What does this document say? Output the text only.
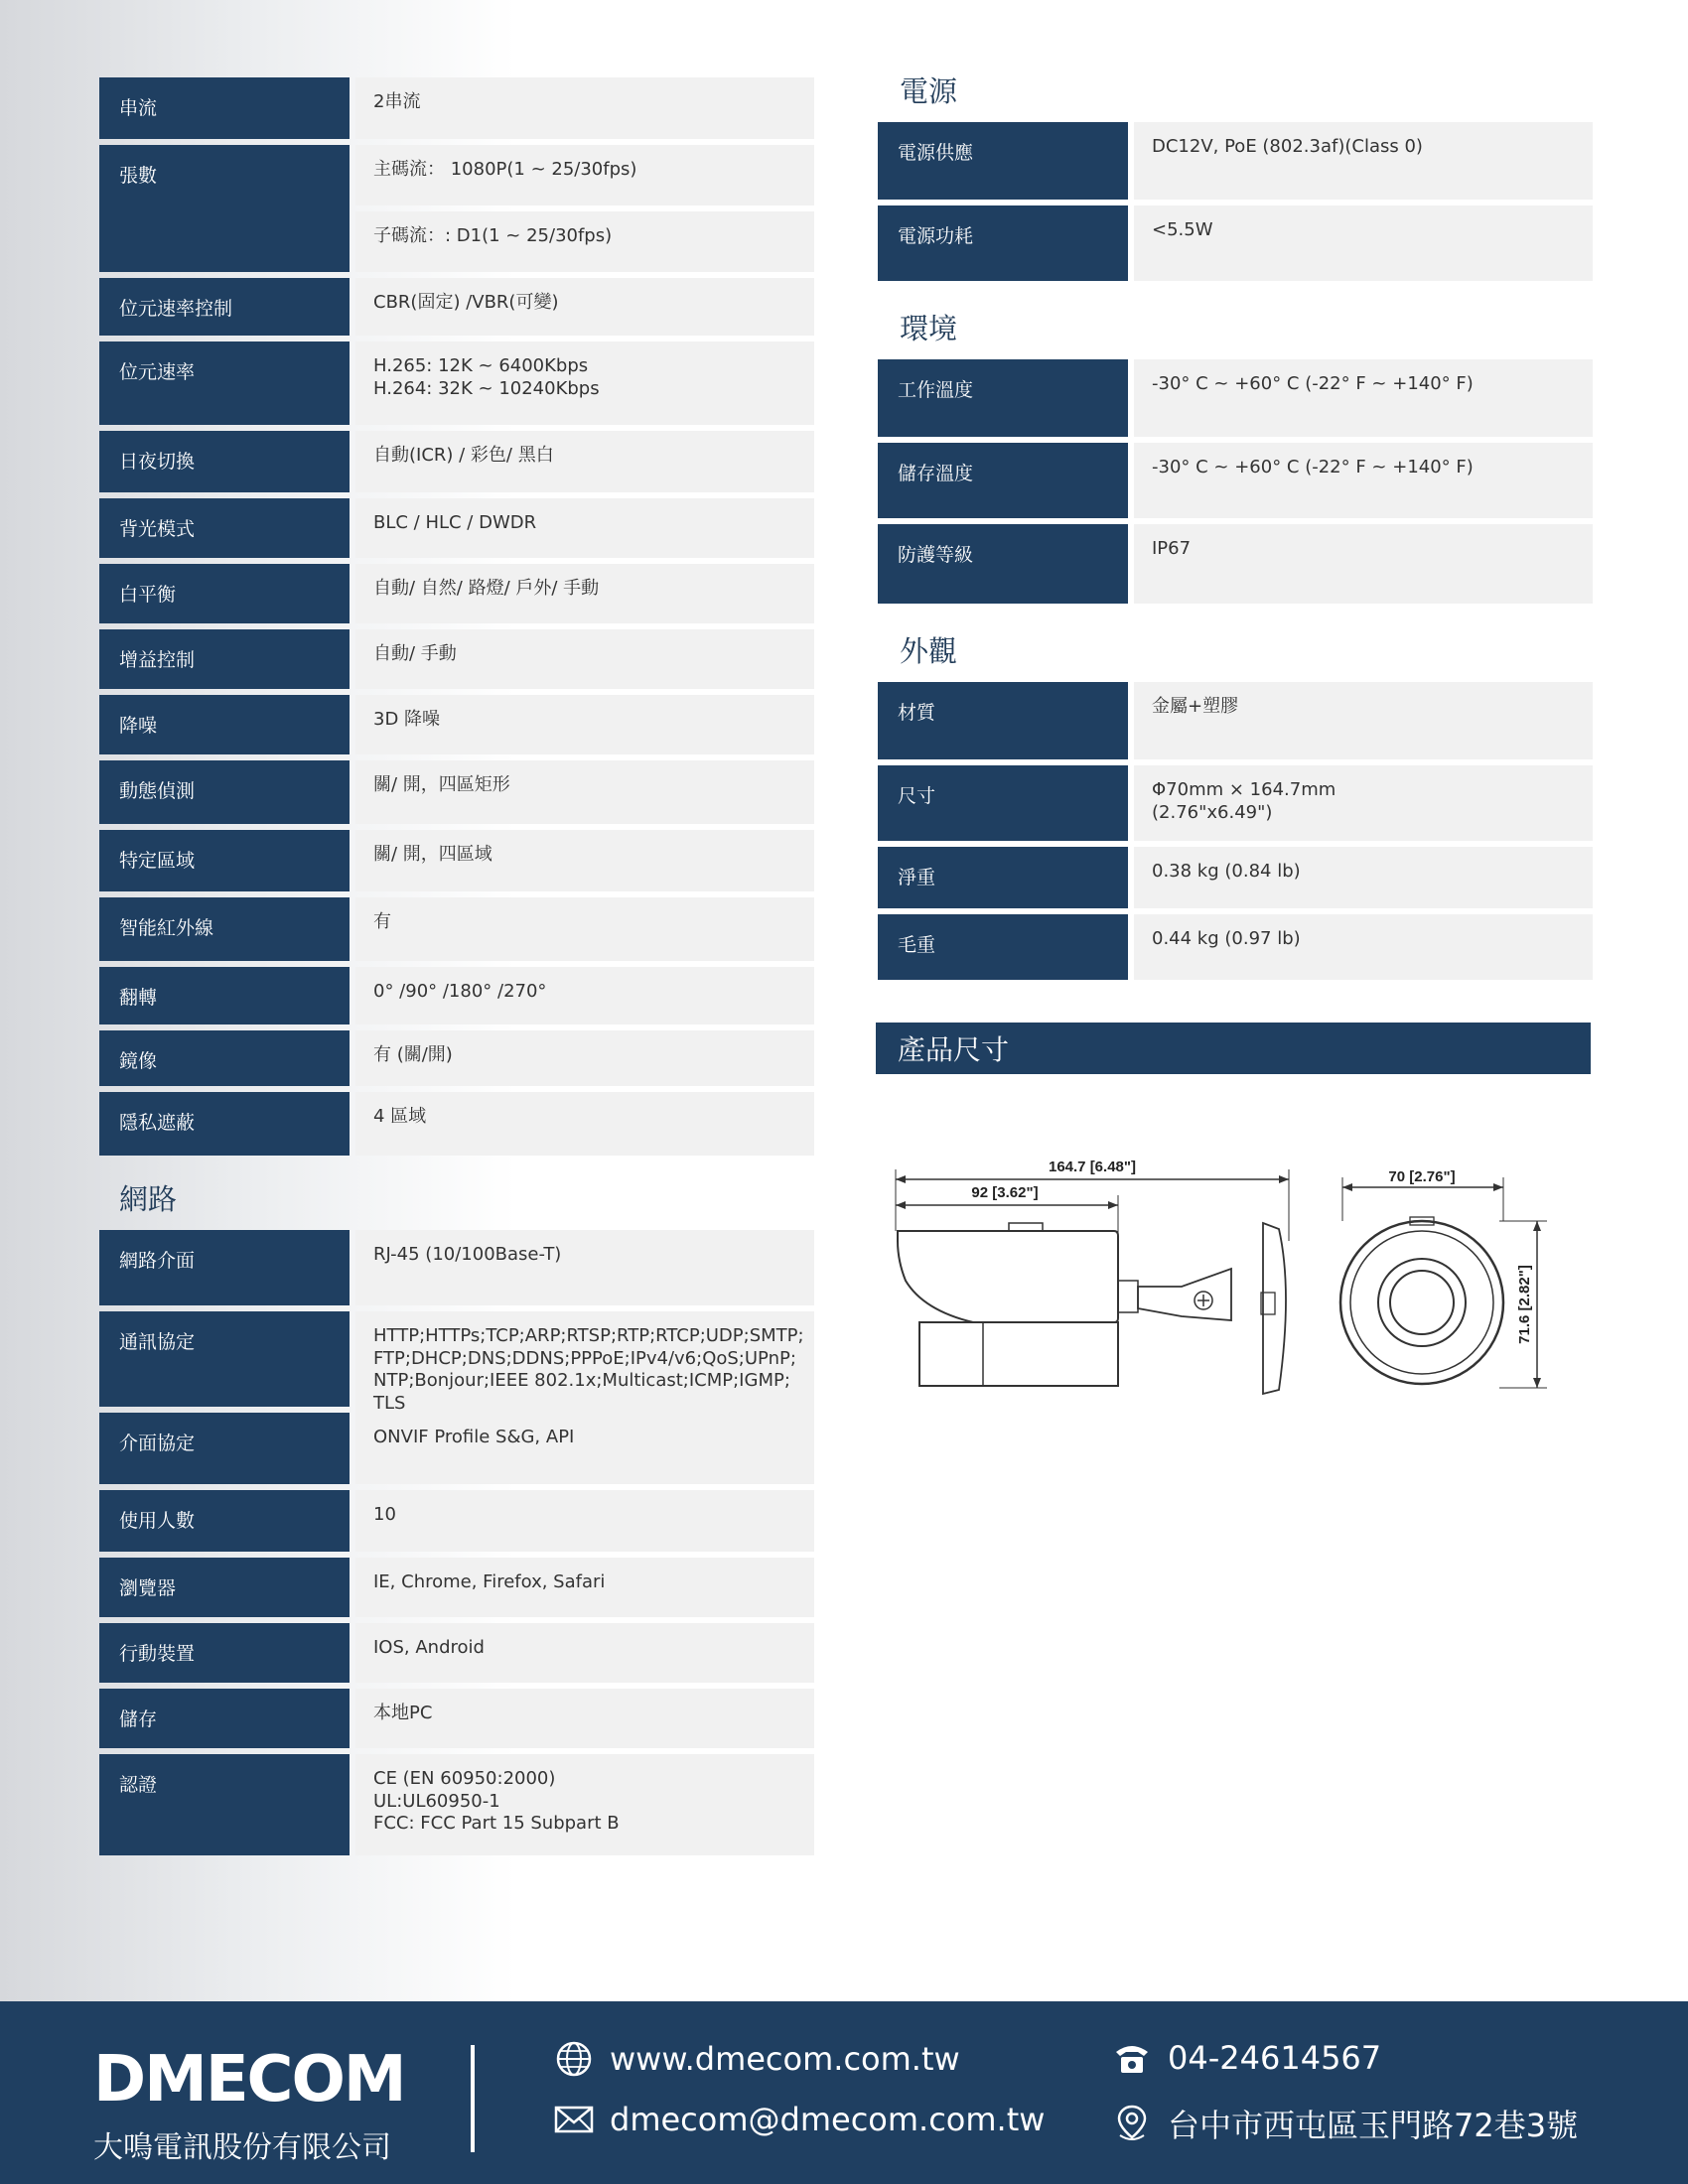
串流	2串流
張數	主碼流： 1080P(1 ~ 25/30fps)
子碼流：: D1(1 ~ 25/30fps)
位元速率控制	CBR(固定) /VBR(可變)
位元速率	H.265: 12K ~ 6400Kbps
H.264: 32K ~ 10240Kbps
日夜切換	自動(ICR) / 彩色/ 黑白
背光模式	BLC / HLC / DWDR
白平衡	自動/ 自然/ 路燈/ 戶外/ 手動
增益控制	自動/ 手動
降噪	3D 降噪
動態偵測	關/ 開，四區矩形
特定區域	關/ 開，四區域
智能紅外線	有
翻轉	0° /90° /180° /270°
鏡像	有 (關/開)
隱私遮蔽	4 區域
網路
網路介面	RJ-45 (10/100Base-T)
通訊協定	HTTP;HTTPs;TCP;ARP;RTSP;RTP;RTCP;UDP;SMTP;
FTP;DHCP;DNS;DDNS;PPPoE;IPv4/v6;QoS;UPnP;
NTP;Bonjour;IEEE 802.1x;Multicast;ICMP;IGMP;
TLS
介面協定	ONVIF Profile S&G, API
使用人數	10
瀏覽器	IE, Chrome, Firefox, Safari
行動裝置	IOS, Android
儲存	本地PC
認證	CE (EN 60950:2000)
UL:UL60950-1
FCC: FCC Part 15 Subpart B
電源
電源供應	DC12V, PoE (802.3af)(Class 0)
電源功耗	<5.5W
環境
工作溫度	-30° C ~ +60° C (-22° F ~ +140° F)
儲存溫度	-30° C ~ +60° C (-22° F ~ +140° F)
防護等級	IP67
外觀
材質	金屬+塑膠
尺寸	Φ70mm × 164.7mm
(2.76"x6.49")
淨重	0.38 kg (0.84 lb)
毛重	0.44 kg (0.97 lb)
產品尺寸
164.7 [6.48"]
92 [3.62"]
70 [2.76"]
71.6 [2.82"]
DMECOM
大鳴電訊股份有限公司
www.dmecom.com.tw
dmecom@dmecom.com.tw
04-24614567
台中市西屯區玉門路72巷3號
